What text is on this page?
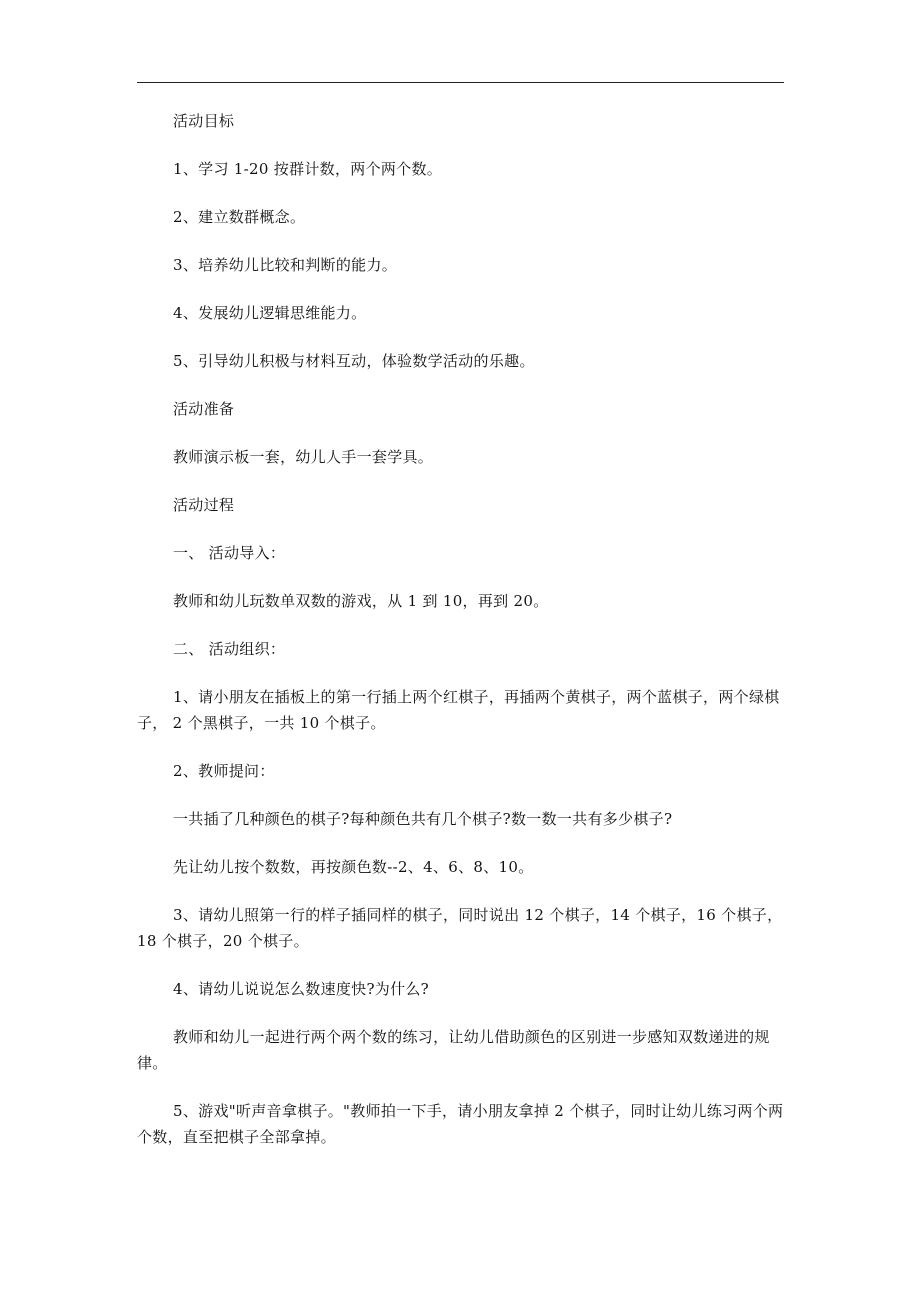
活动目标

1、学习 1-20 按群计数，两个两个数。

2、建立数群概念。

3、培养幼儿比较和判断的能力。

4、发展幼儿逻辑思维能力。

5、引导幼儿积极与材料互动，体验数学活动的乐趣。

活动准备

教师演示板一套，幼儿人手一套学具。

活动过程

一、 活动导入：

教师和幼儿玩数单双数的游戏，从 1 到 10，再到 20。

二、 活动组织：

1、请小朋友在插板上的第一行插上两个红棋子，再插两个黄棋子，两个蓝棋子，两个绿棋子， 2 个黑棋子，一共 10 个棋子。

2、教师提问：

一共插了几种颜色的棋子?每种颜色共有几个棋子?数一数一共有多少棋子?

先让幼儿按个数数，再按颜色数--2、4、6、8、10。

3、请幼儿照第一行的样子插同样的棋子，同时说出 12 个棋子，14 个棋子，16 个棋子，18 个棋子，20 个棋子。

4、请幼儿说说怎么数速度快?为什么?

教师和幼儿一起进行两个两个数的练习，让幼儿借助颜色的区别进一步感知双数递进的规律。

5、游戏"听声音拿棋子。"教师拍一下手，请小朋友拿掉 2 个棋子，同时让幼儿练习两个两个数，直至把棋子全部拿掉。
